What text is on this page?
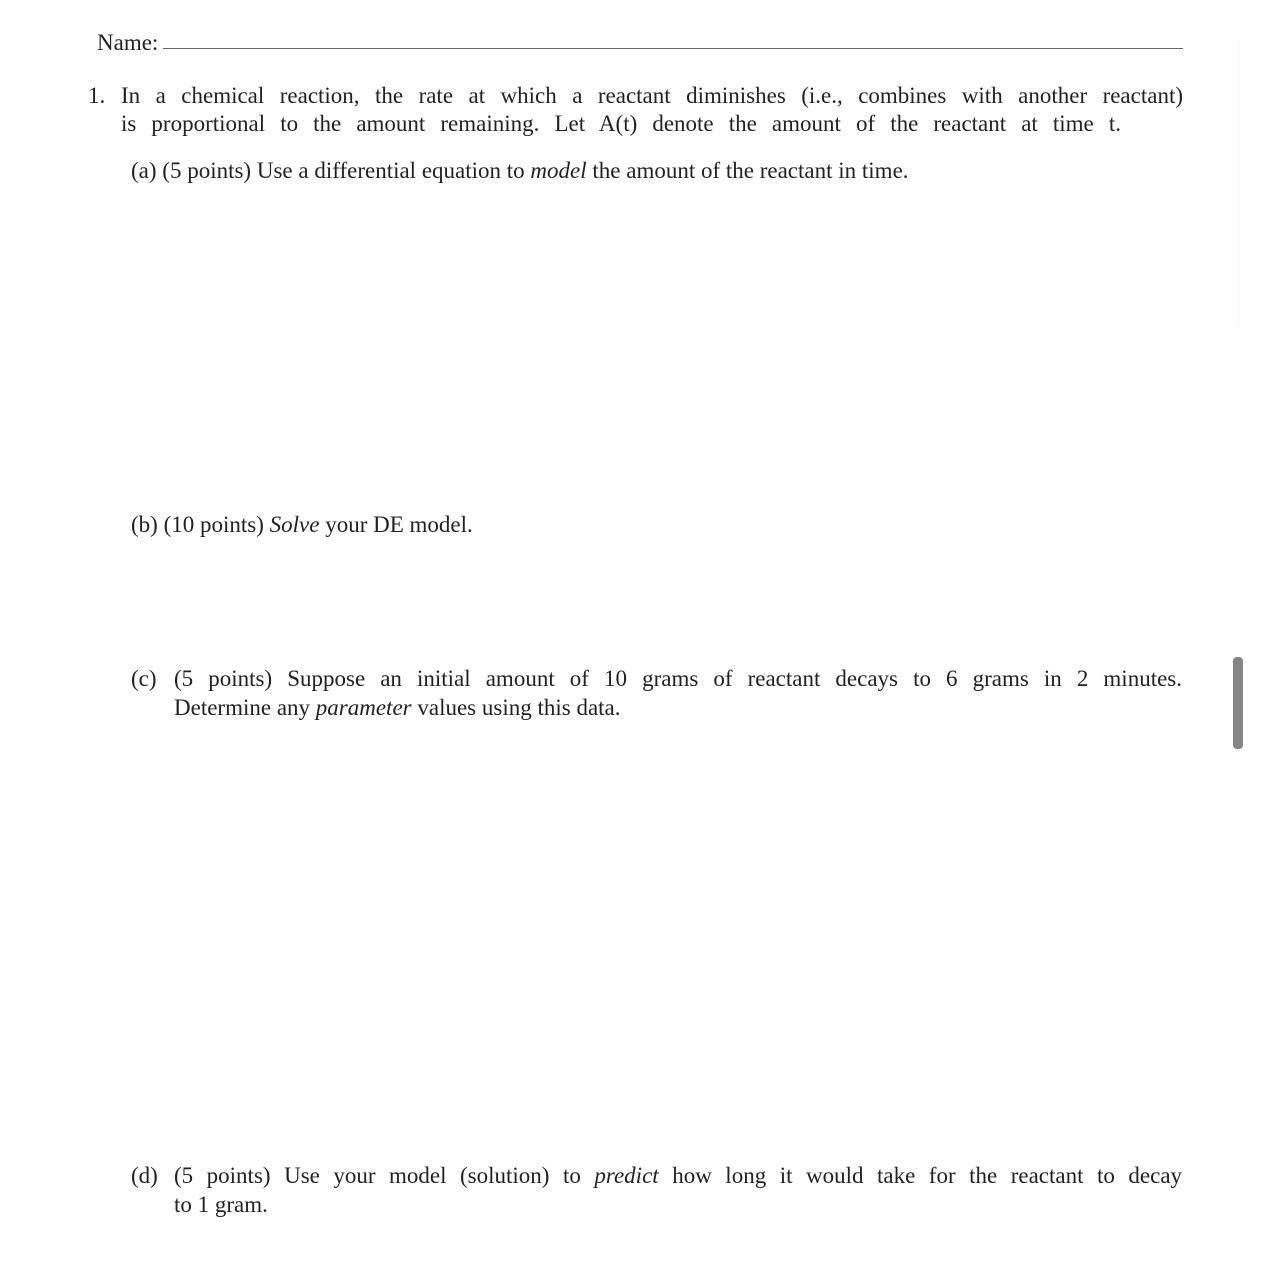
Name:
1. In a chemical reaction, the rate at which a reactant diminishes (i.e., combines with another reactant)
is proportional to the amount remaining. Let A(t) denote the amount of the reactant at time t.
(a) (5 points) Use a differential equation to model the amount of the reactant in time.
(b) (10 points) Solve your DE model.
(c) (5 points) Suppose an initial amount of 10 grams of reactant decays to 6 grams in 2 minutes.
Determine any parameter values using this data.
(d) (5 points) Use your model (solution) to predict how long it would take for the reactant to decay
to 1 gram.
